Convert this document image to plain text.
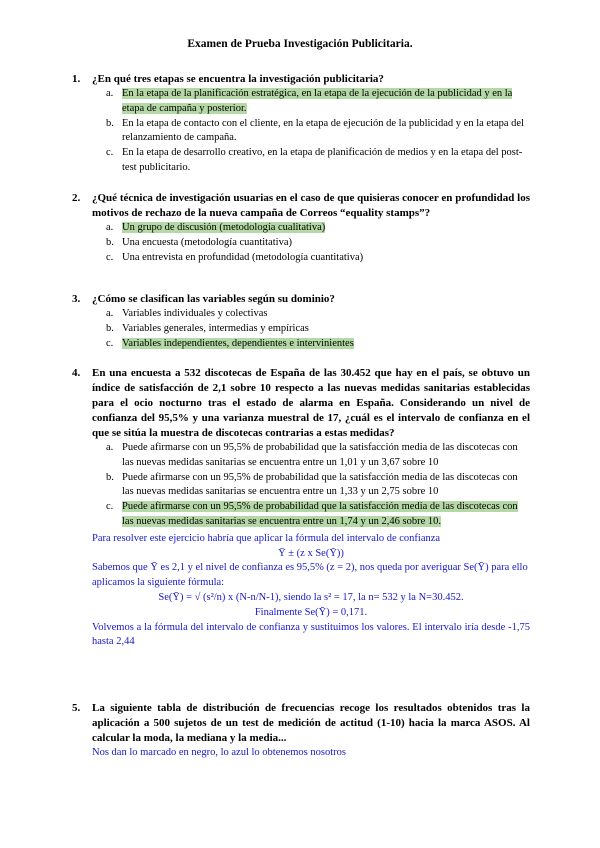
Examen de Prueba Investigación Publicitaria.
1. ¿En qué tres etapas se encuentra la investigación publicitaria?
a. En la etapa de la planificación estratégica, en la etapa de la ejecución de la publicidad y en la etapa de campaña y posterior.
b. En la etapa de contacto con el cliente, en la etapa de ejecución de la publicidad y en la etapa del relanzamiento de campaña.
c. En la etapa de desarrollo creativo, en la etapa de planificación de medios y en la etapa del post-test publicitario.
2. ¿Qué técnica de investigación usuarias en el caso de que quisieras conocer en profundidad los motivos de rechazo de la nueva campaña de Correos “equality stamps”?
a. Un grupo de discusión (metodología cualitativa)
b. Una encuesta (metodología cuantitativa)
c. Una entrevista en profundidad (metodología cuantitativa)
3. ¿Cómo se clasifican las variables según su dominio?
a. Variables individuales y colectivas
b. Variables generales, intermedias y empíricas
c. Variables independientes, dependientes e intervinientes
4. En una encuesta a 532 discotecas de España de las 30.452 que hay en el país, se obtuvo un índice de satisfacción de 2,1 sobre 10 respecto a las nuevas medidas sanitarias establecidas para el ocio nocturno tras el estado de alarma en España. Considerando un nivel de confianza del 95,5% y una varianza muestral de 17, ¿cuál es el intervalo de confianza en el que se sitúa la muestra de discotecas contrarias a estas medidas?
a. Puede afirmarse con un 95,5% de probabilidad que la satisfacción media de las discotecas con las nuevas medidas sanitarias se encuentra entre un 1,01 y un 3,67 sobre 10
b. Puede afirmarse con un 95,5% de probabilidad que la satisfacción media de las discotecas con las nuevas medidas sanitarias se encuentra entre un 1,33 y un 2,75 sobre 10
c. Puede afirmarse con un 95,5% de probabilidad que la satisfacción media de las discotecas con las nuevas medidas sanitarias se encuentra entre un 1,74 y un 2,46 sobre 10.
Para resolver este ejercicio habría que aplicar la fórmula del intervalo de confianza
Ȳ ± (z x Se(Ȳ))
Sabemos que Ȳ es 2,1 y el nivel de confianza es 95,5% (z = 2), nos queda por averiguar Se(Ȳ) para ello aplicamos la siguiente fórmula:
Se(Ȳ) = √ (s²/n) x (N-n/N-1), siendo la s² = 17, la n= 532 y la N=30.452.
Finalmente Se(Ȳ) = 0,171.
Volvemos a la fórmula del intervalo de confianza y sustituimos los valores. El intervalo iría desde -1,75 hasta 2,44
5. La siguiente tabla de distribución de frecuencias recoge los resultados obtenidos tras la aplicación a 500 sujetos de un test de medición de actitud (1-10) hacia la marca ASOS. Al calcular la moda, la mediana y la media...
Nos dan lo marcado en negro, lo azul lo obtenemos nosotros
